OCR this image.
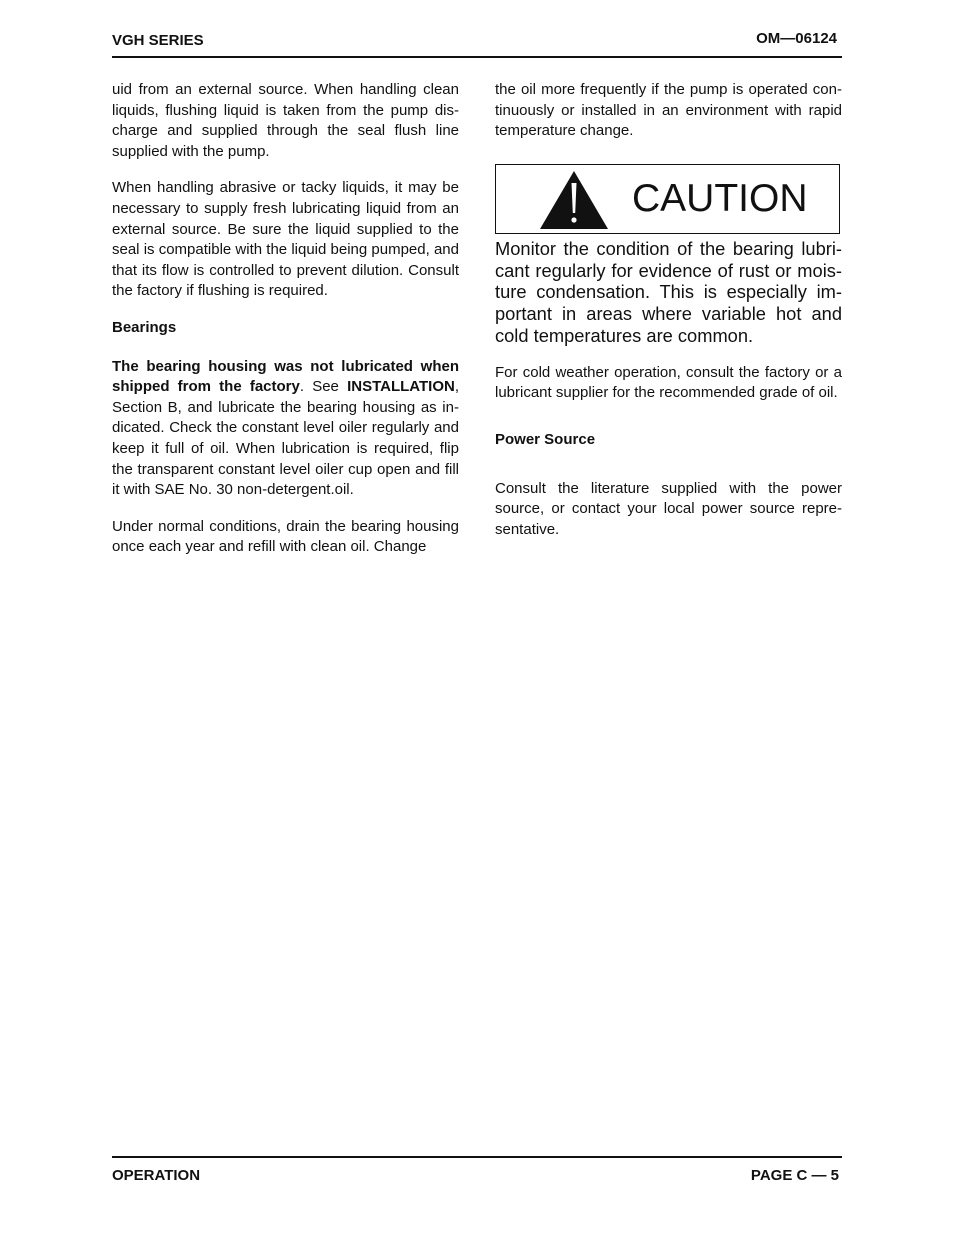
VGH SERIES	OM—06124

uid from an external source. When handling clean liquids, flushing liquid is taken from the pump discharge and supplied through the seal flush line supplied with the pump.

When handling abrasive or tacky liquids, it may be necessary to supply fresh lubricating liquid from an external source. Be sure the liquid supplied to the seal is compatible with the liquid being pumped, and that its flow is controlled to prevent dilution. Consult the factory if flushing is required.

Bearings

The bearing housing was not lubricated when shipped from the factory. See INSTALLATION, Section B, and lubricate the bearing housing as indicated. Check the constant level oiler regularly and keep it full of oil. When lubrication is required, flip the transparent constant level oiler cup open and fill it with SAE No. 30 non-detergent.oil.

Under normal conditions, drain the bearing housing once each year and refill with clean oil. Change

the oil more frequently if the pump is operated continuously or installed in an environment with rapid temperature change.

CAUTION

Monitor the condition of the bearing lubricant regularly for evidence of rust or moisture condensation. This is especially important in areas where variable hot and cold temperatures are common.

For cold weather operation, consult the factory or a lubricant supplier for the recommended grade of oil.

Power Source

Consult the literature supplied with the power source, or contact your local power source representative.

OPERATION	PAGE C — 5
